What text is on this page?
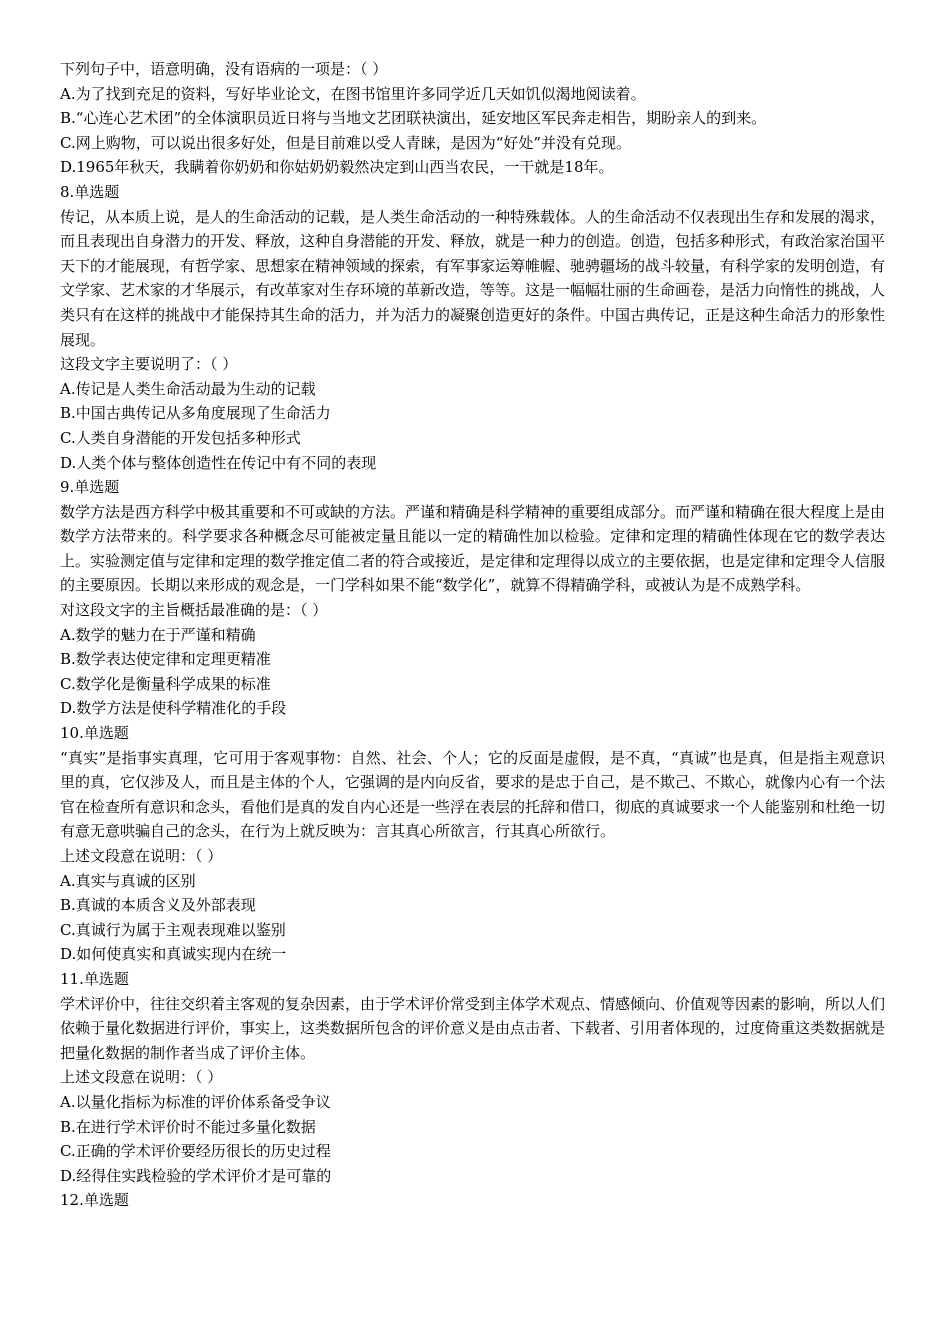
下列句子中，语意明确，没有语病的一项是：（ ）

A.为了找到充足的资料，写好毕业论文，在图书馆里许多同学近几天如饥似渴地阅读着。

B.“心连心艺术团”的全体演职员近日将与当地文艺团联袂演出，延安地区军民奔走相告，期盼亲人的到来。

C.网上购物，可以说出很多好处，但是目前难以受人青睐，是因为“好处”并没有兑现。

D.1965年秋天，我瞒着你奶奶和你姑奶奶毅然决定到山西当农民，一干就是18年。

8.单选题

传记，从本质上说，是人的生命活动的记载，是人类生命活动的一种特殊载体。人的生命活动不仅表现出生存和发展的渴求，而且表现出自身潜力的开发、释放，这种自身潜能的开发、释放，就是一种力的创造。创造，包括多种形式，有政治家治国平天下的才能展现，有哲学家、思想家在精神领域的探索，有军事家运筹帷幄、驰骋疆场的战斗较量，有科学家的发明创造，有文学家、艺术家的才华展示，有改革家对生存环境的革新改造，等等。这是一幅幅壮丽的生命画卷，是活力向惰性的挑战，人类只有在这样的挑战中才能保持其生命的活力，并为活力的凝聚创造更好的条件。中国古典传记，正是这种生命活力的形象性展现。

这段文字主要说明了：（ ）

A.传记是人类生命活动最为生动的记载

B.中国古典传记从多角度展现了生命活力

C.人类自身潜能的开发包括多种形式

D.人类个体与整体创造性在传记中有不同的表现

9.单选题

数学方法是西方科学中极其重要和不可或缺的方法。严谨和精确是科学精神的重要组成部分。而严谨和精确在很大程度上是由数学方法带来的。科学要求各种概念尽可能被定量且能以一定的精确性加以检验。定律和定理的精确性体现在它的数学表达上。实验测定值与定律和定理的数学推定值二者的符合或接近，是定律和定理得以成立的主要依据，也是定律和定理令人信服的主要原因。长期以来形成的观念是，一门学科如果不能“数学化”，就算不得精确学科，或被认为是不成熟学科。

对这段文字的主旨概括最准确的是：（ ）

A.数学的魅力在于严谨和精确

B.数学表达使定律和定理更精准

C.数学化是衡量科学成果的标准

D.数学方法是使科学精准化的手段

10.单选题

“真实”是指事实真理，它可用于客观事物：自然、社会、个人；它的反面是虚假，是不真，“真诚”也是真，但是指主观意识里的真，它仅涉及人，而且是主体的个人，它强调的是内向反省，要求的是忠于自己，是不欺己、不欺心，就像内心有一个法官在检查所有意识和念头，看他们是真的发自内心还是一些浮在表层的托辞和借口，彻底的真诚要求一个人能鉴别和杜绝一切有意无意哄骗自己的念头，在行为上就反映为：言其真心所欲言，行其真心所欲行。

上述文段意在说明：（ ）

A.真实与真诚的区别

B.真诚的本质含义及外部表现

C.真诚行为属于主观表现难以鉴别

D.如何使真实和真诚实现内在统一

11.单选题

学术评价中，往往交织着主客观的复杂因素，由于学术评价常受到主体学术观点、情感倾向、价值观等因素的影响，所以人们依赖于量化数据进行评价，事实上，这类数据所包含的评价意义是由点击者、下载者、引用者体现的，过度倚重这类数据就是把量化数据的制作者当成了评价主体。

上述文段意在说明：（ ）

A.以量化指标为标准的评价体系备受争议

B.在进行学术评价时不能过多量化数据

C.正确的学术评价要经历很长的历史过程

D.经得住实践检验的学术评价才是可靠的

12.单选题
